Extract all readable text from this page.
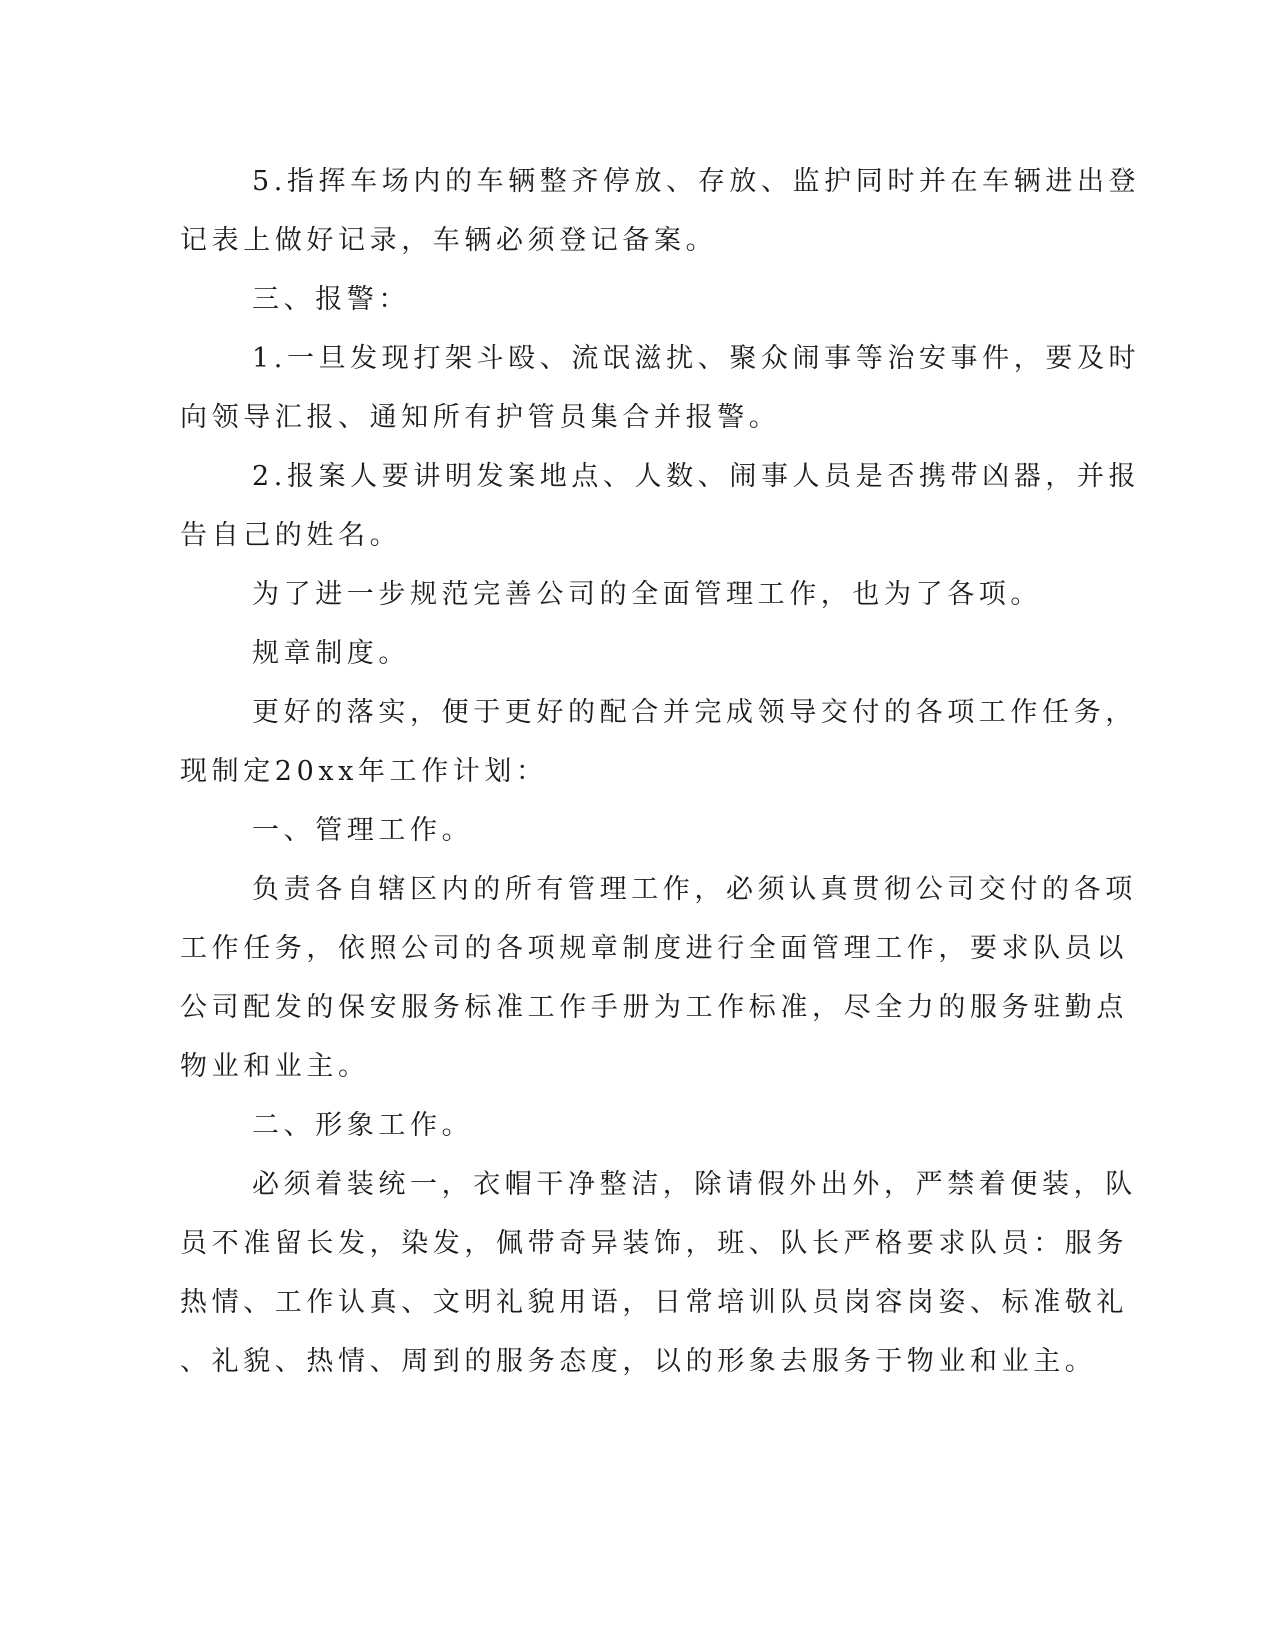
5.指挥车场内的车辆整齐停放、存放、监护同时并在车辆进出登
记表上做好记录，车辆必须登记备案。

三、报警：

1.一旦发现打架斗殴、流氓滋扰、聚众闹事等治安事件，要及时
向领导汇报、通知所有护管员集合并报警。

2.报案人要讲明发案地点、人数、闹事人员是否携带凶器，并报
告自己的姓名。

为了进一步规范完善公司的全面管理工作，也为了各项。

规章制度。

更好的落实，便于更好的配合并完成领导交付的各项工作任务，
现制定20xx年工作计划：

一、管理工作。

负责各自辖区内的所有管理工作，必须认真贯彻公司交付的各项
工作任务，依照公司的各项规章制度进行全面管理工作，要求队员以
公司配发的保安服务标准工作手册为工作标准，尽全力的服务驻勤点
物业和业主。

二、形象工作。

必须着装统一，衣帽干净整洁，除请假外出外，严禁着便装，队
员不准留长发，染发，佩带奇异装饰，班、队长严格要求队员：服务
热情、工作认真、文明礼貌用语，日常培训队员岗容岗姿、标准敬礼
、礼貌、热情、周到的服务态度，以的形象去服务于物业和业主。
